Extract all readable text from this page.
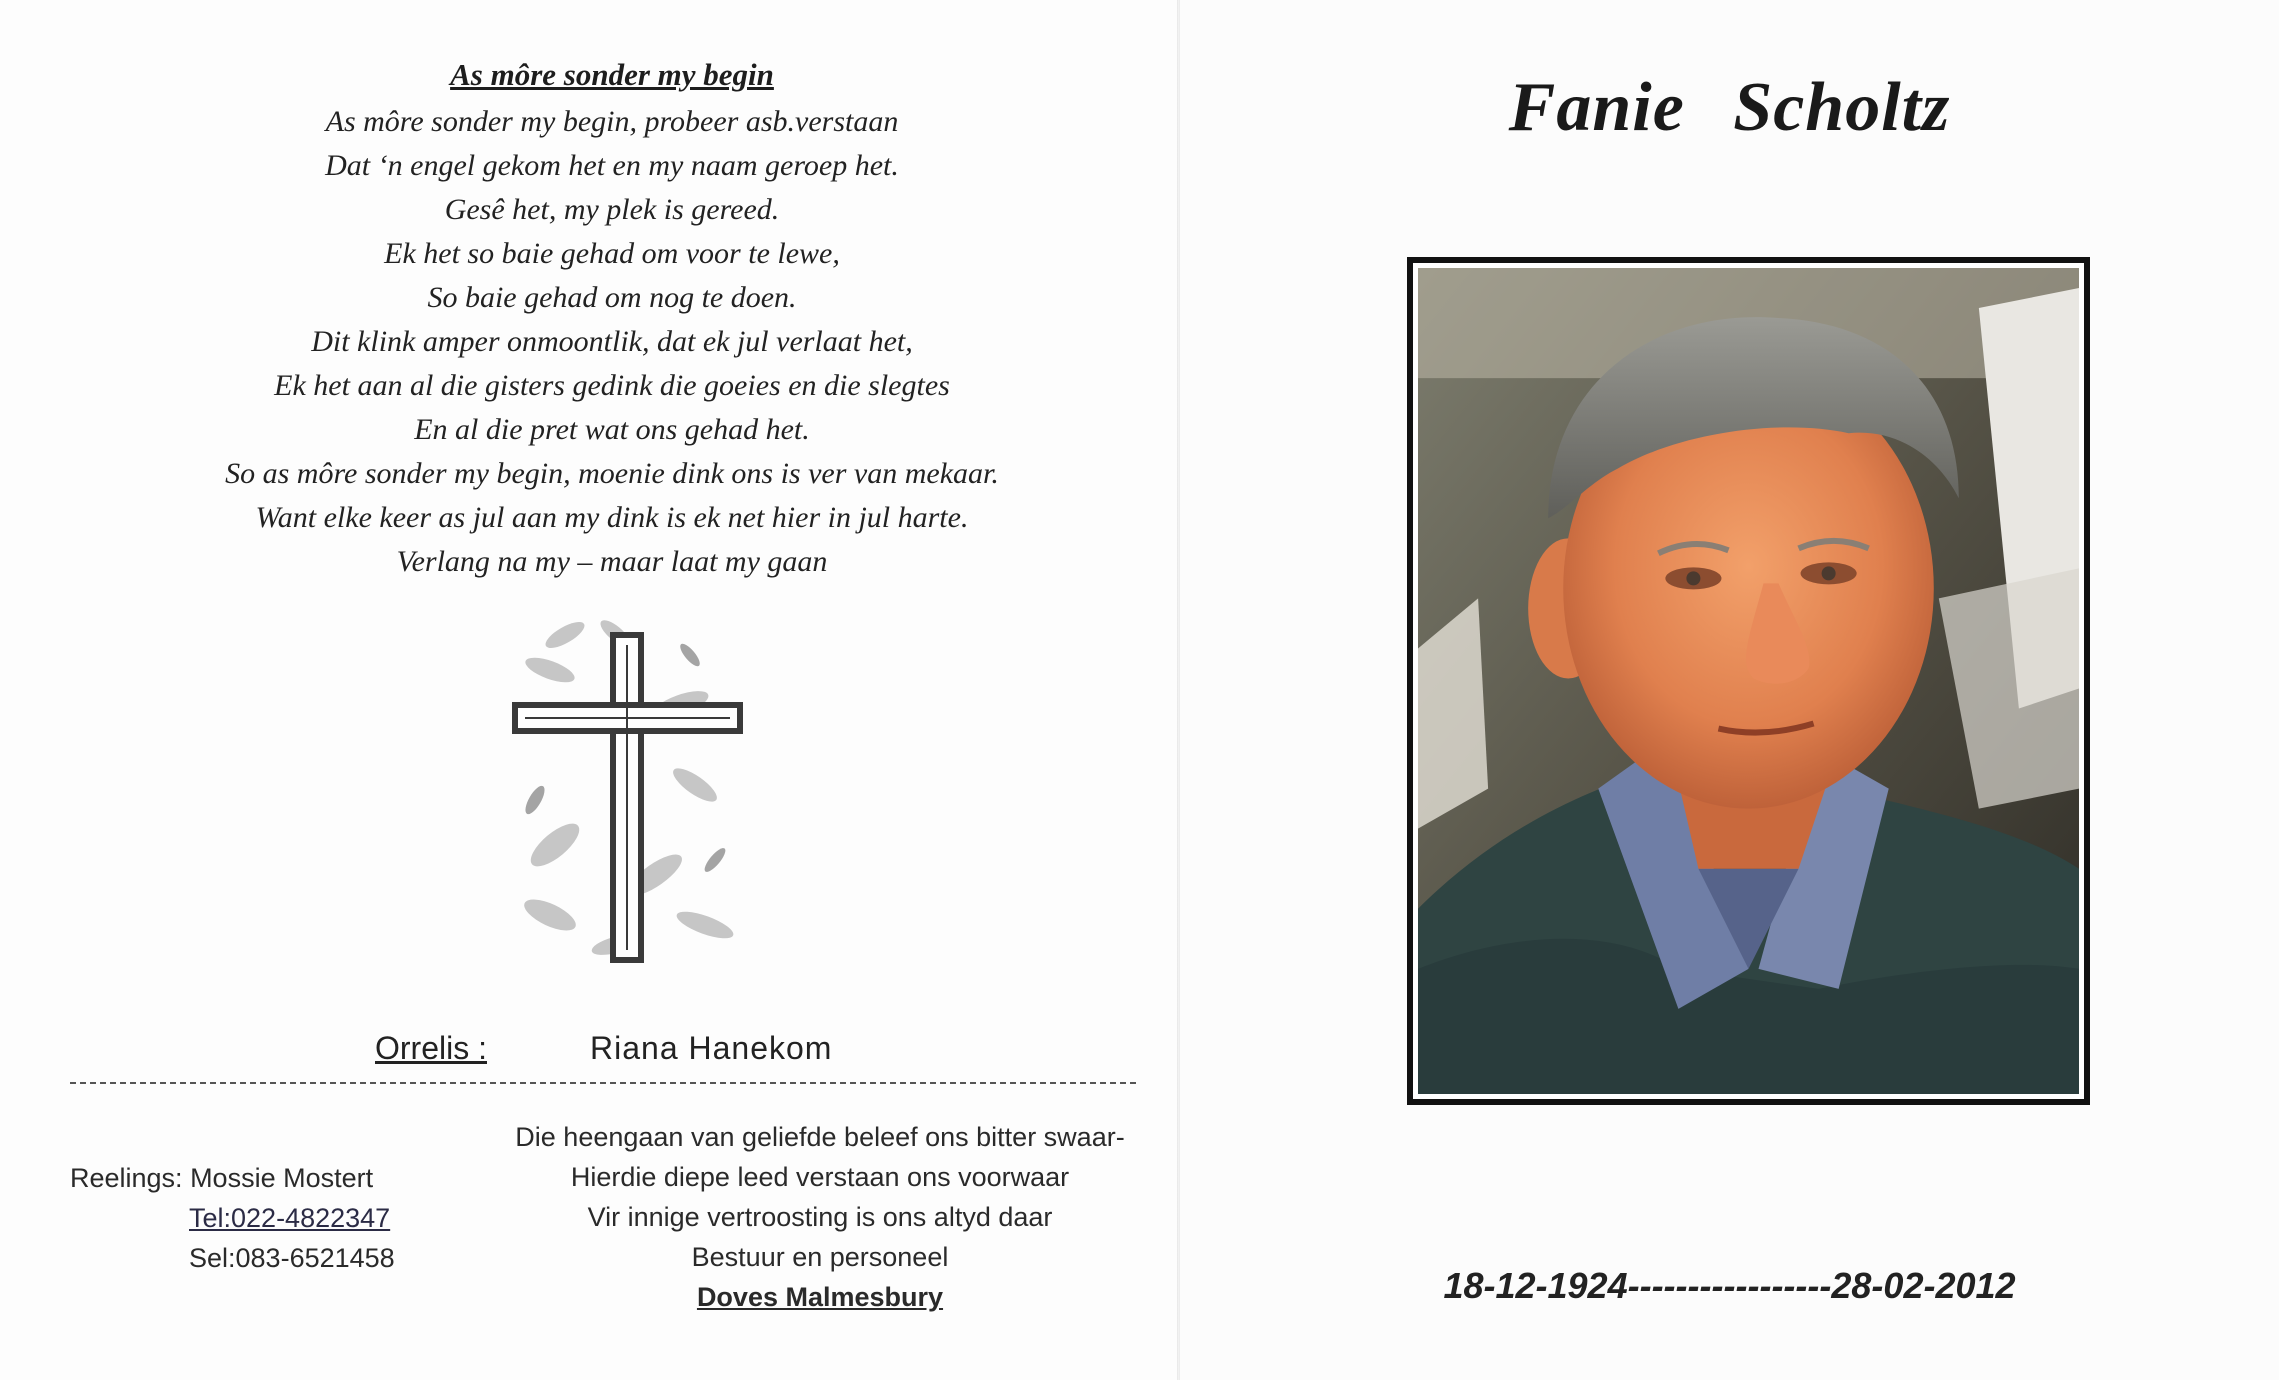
As môre sonder my begin
As môre sonder my begin, probeer asb.verstaan
Dat ‘n engel gekom het en my naam geroep het.
Gesê het, my plek is gereed.
Ek het so baie gehad om voor te lewe,
So baie gehad om nog te doen.
Dit klink amper onmoontlik, dat ek jul verlaat het,
Ek het aan al die gisters gedink die goeies en die slegtes
En al die pret wat ons gehad het.
So as môre sonder my begin, moenie dink ons is ver van mekaar.
Want elke keer as jul aan my dink is ek net hier in jul harte.
Verlang na my – maar laat my gaan
Orrelis :	Riana Hanekom
Reelings: Mossie Mostert
Tel:022-4822347
Sel:083-6521458
Die heengaan van geliefde beleef ons bitter swaar-
Hierdie diepe leed verstaan ons voorwaar
Vir innige vertroosting is ons altyd daar
Bestuur en personeel
Doves Malmesbury
Fanie Scholtz
18-12-1924-----------------28-02-2012
